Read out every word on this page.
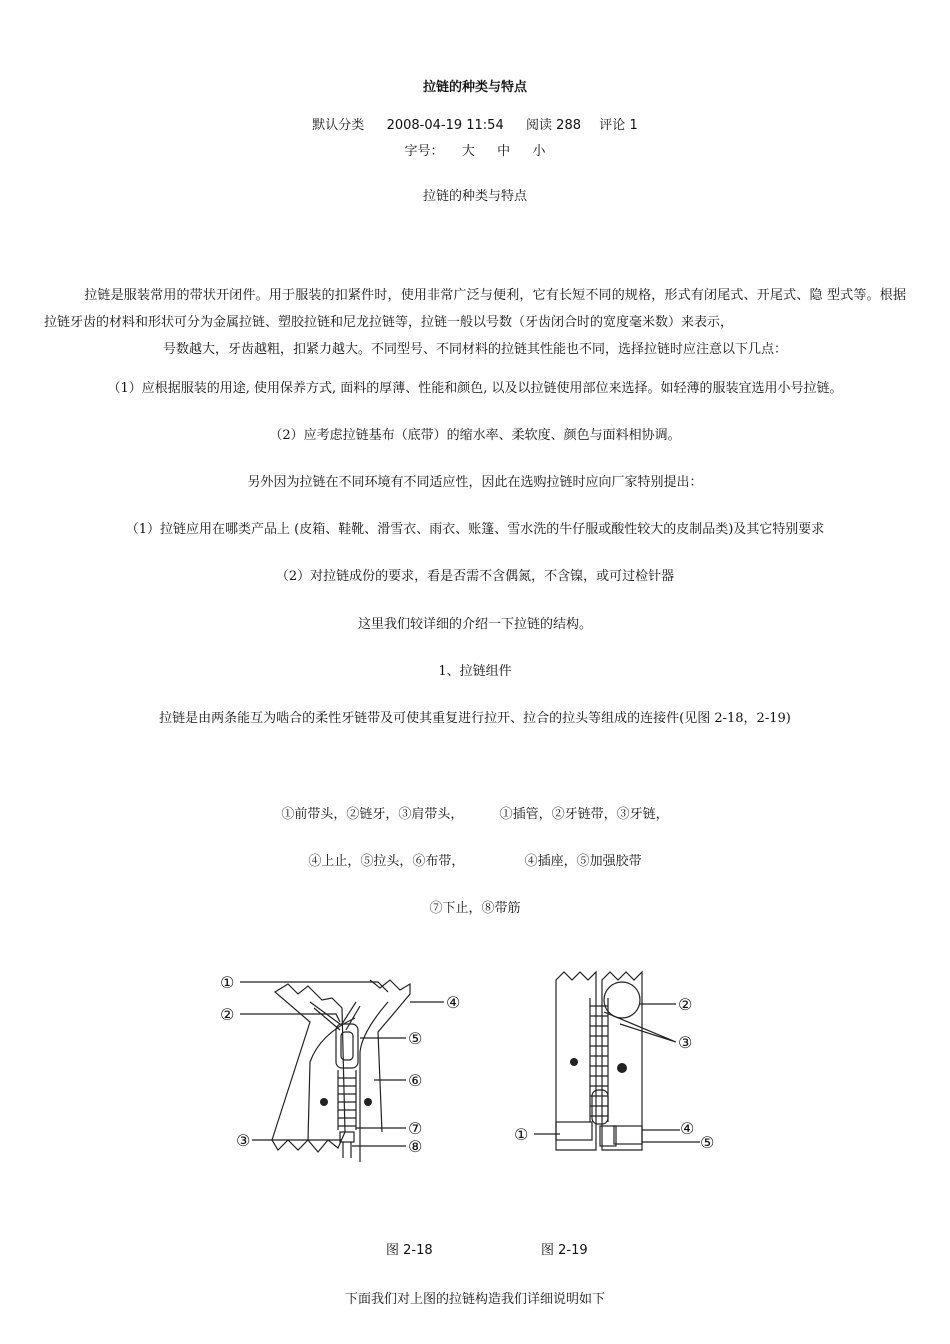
拉链的种类与特点
默认分类 2008-04-19 11:54 阅读 288 评论 1
字号： 大 中 小
拉链的种类与特点
拉链是服装常用的带状开闭件。用于服装的扣紧件时，使用非常广泛与便利，它有长短不同的规格，形式有闭尾式、开尾式、隐 型式等。根据拉链牙齿的材料和形状可分为金属拉链、塑胶拉链和尼龙拉链等，拉链一般以号数（牙齿闭合时的宽度毫米数）来表示，
号数越大，牙齿越粗，扣紧力越大。不同型号、不同材料的拉链其性能也不同，选择拉链时应注意以下几点：
（1）应根据服装的用途, 使用保养方式, 面料的厚薄、性能和颜色, 以及以拉链使用部位来选择。如轻薄的服装宜选用小号拉链。
（2）应考虑拉链基布（底带）的缩水率、柔软度、颜色与面料相协调。
另外因为拉链在不同环境有不同适应性，因此在选购拉链时应向厂家特别提出：
（1）拉链应用在哪类产品上 (皮箱、鞋靴、滑雪衣、雨衣、账篷、雪水洗的牛仔服或酸性较大的皮制品类)及其它特别要求
（2）对拉链成份的要求，看是否需不含偶氮，不含镍，或可过检针器
这里我们较详细的介绍一下拉链的结构。
1、拉链组件
拉链是由两条能互为啮合的柔性牙链带及可使其重复进行拉开、拉合的拉头等组成的连接件(见图 2-18，2-19)
①前带头，②链牙，③肩带头，	①插管，②牙链带，③牙链，
④上止，⑤拉头，⑥布带，	④插座，⑤加强胶带
⑦下止，⑧带筋
①
②
③
④
⑤
⑥
⑦
⑧
①
②
③
④
⑤
图 2-18	图 2-19
下面我们对上图的拉链构造我们详细说明如下
